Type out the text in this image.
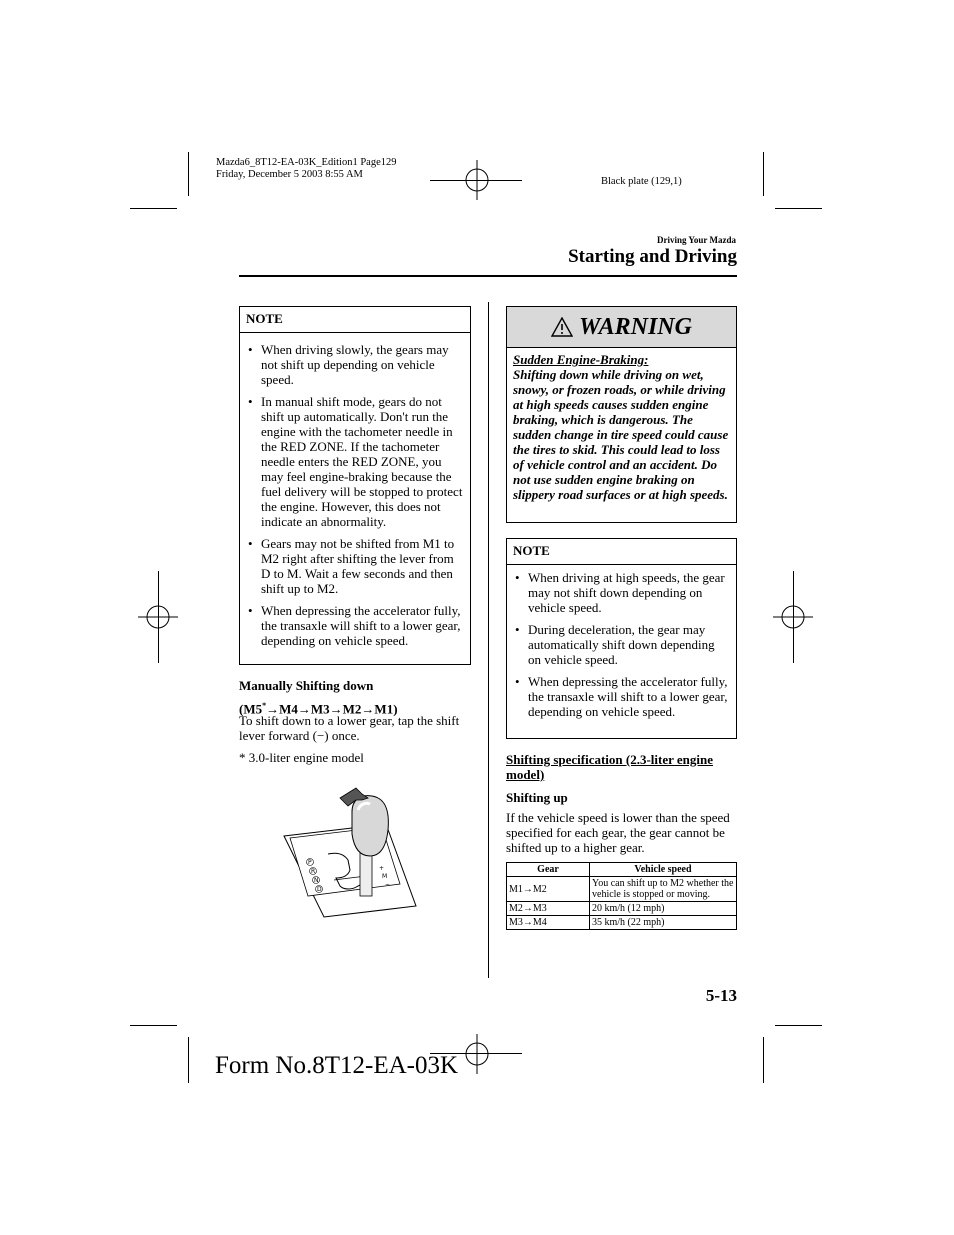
Mazda6_8T12-EA-03K_Edition1 Page129
Friday, December 5 2003 8:55 AM
Black plate (129,1)
Driving Your Mazda
Starting and Driving
NOTE
• When driving slowly, the gears may not shift up depending on vehicle speed.
• In manual shift mode, gears do not shift up automatically. Don't run the engine with the tachometer needle in the RED ZONE. If the tachometer needle enters the RED ZONE, you may feel engine-braking because the fuel delivery will be stopped to protect the engine. However, this does not indicate an abnormality.
• Gears may not be shifted from M1 to M2 right after shifting the lever from D to M. Wait a few seconds and then shift up to M2.
• When depressing the accelerator fully, the transaxle will shift to a lower gear, depending on vehicle speed.
Manually Shifting down
(M5*→M4→M3→M2→M1)
To shift down to a lower gear, tap the shift lever forward (−) once.
* 3.0-liter engine model
P
R
N
D
M
+
−
WARNING
Sudden Engine-Braking:
Shifting down while driving on wet, snowy, or frozen roads, or while driving at high speeds causes sudden engine braking, which is dangerous. The sudden change in tire speed could cause the tires to skid. This could lead to loss of vehicle control and an accident. Do not use sudden engine braking on slippery road surfaces or at high speeds.
NOTE
• When driving at high speeds, the gear may not shift down depending on vehicle speed.
• During deceleration, the gear may automatically shift down depending on vehicle speed.
• When depressing the accelerator fully, the transaxle will shift to a lower gear, depending on vehicle speed.
Shifting specification (2.3-liter engine model)
Shifting up
If the vehicle speed is lower than the speed specified for each gear, the gear cannot be shifted up to a higher gear.
Gear	Vehicle speed
M1→M2	You can shift up to M2 whether the vehicle is stopped or moving.
M2→M3	20 km/h (12 mph)
M3→M4	35 km/h (22 mph)
5-13
Form No.8T12-EA-03K
